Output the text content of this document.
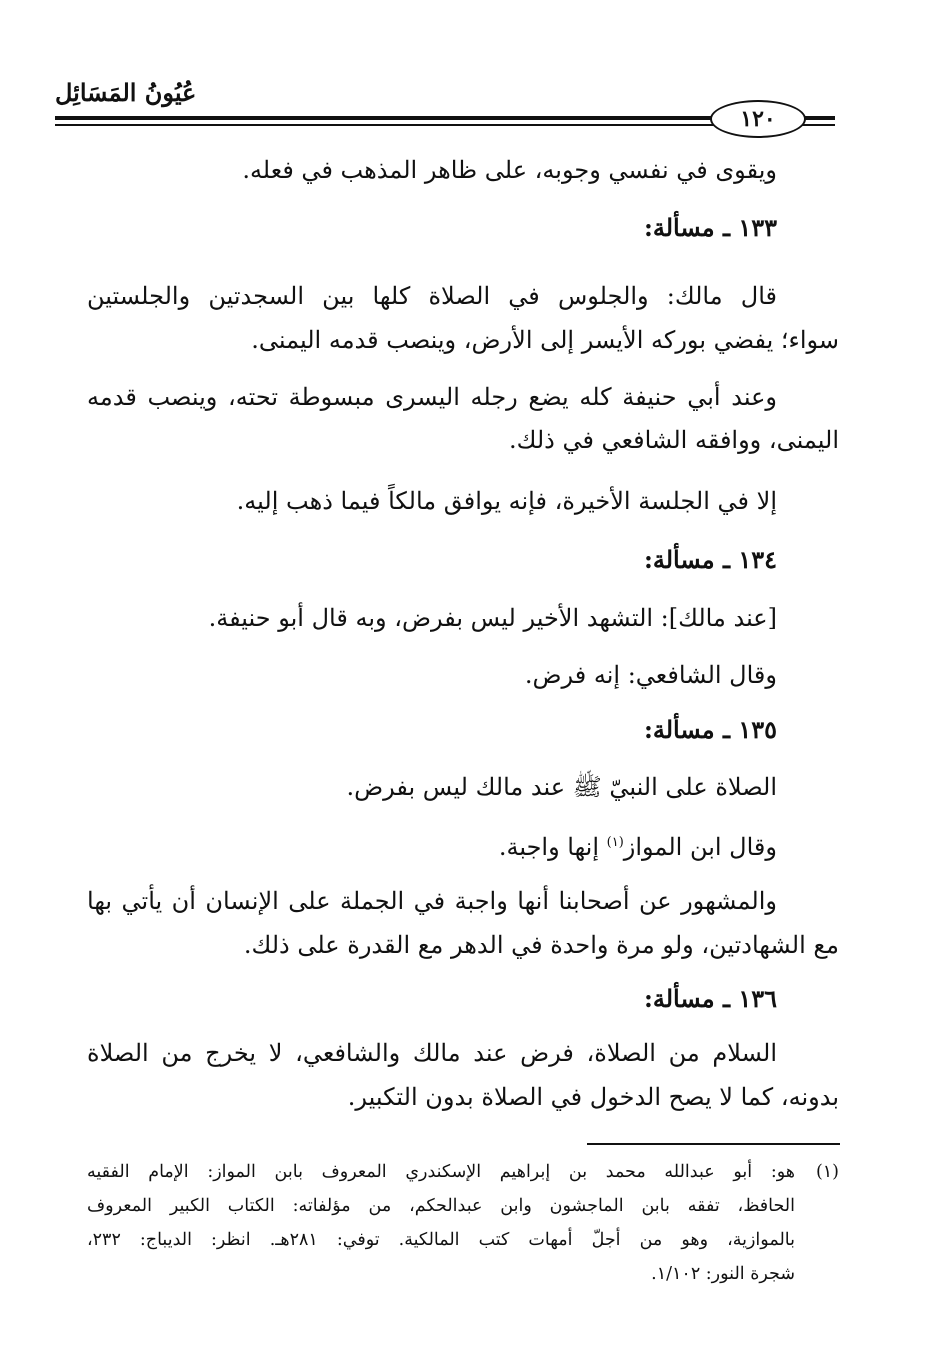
عُيُونُ المَسَائِل
١٢٠
ويقوى في نفسي وجوبه، على ظاهر المذهب في فعله.
١٣٣ ـ مسألة:
قال مالك: والجلوس في الصلاة كلها بين السجدتين والجلستين
سواء؛ يفضي بوركه الأيسر إلى الأرض، وينصب قدمه اليمنى.
وعند أبي حنيفة كله يضع رجله اليسرى مبسوطة تحته، وينصب قدمه
اليمنى، ووافقه الشافعي في ذلك.
إلا في الجلسة الأخيرة، فإنه يوافق مالكاً فيما ذهب إليه.
١٣٤ ـ مسألة:
[عند مالك]: التشهد الأخير ليس بفرض، وبه قال أبو حنيفة.
وقال الشافعي: إنه فرض.
١٣٥ ـ مسألة:
الصلاة على النبيّ ﷺ عند مالك ليس بفرض.
وقال ابن المواز$^{(١)}$ إنها واجبة.
والمشهور عن أصحابنا أنها واجبة في الجملة على الإنسان أن يأتي بها
مع الشهادتين، ولو مرة واحدة في الدهر مع القدرة على ذلك.
١٣٦ ـ مسألة:
السلام من الصلاة، فرض عند مالك والشافعي، لا يخرج من الصلاة
بدونه، كما لا يصح الدخول في الصلاة بدون التكبير.
(١)
هو: أبو عبدالله محمد بن إبراهيم الإسكندري المعروف بابن المواز: الإمام الفقيه
الحافظ، تفقه بابن الماجشون وابن عبدالحكم، من مؤلفاته: الكتاب الكبير المعروف
بالموازية، وهو من أجلّ أمهات كتب المالكية. توفي: ٢٨١هـ. انظر: الديباج: ٢٣٢،
شجرة النور: ١/١٠٢.
